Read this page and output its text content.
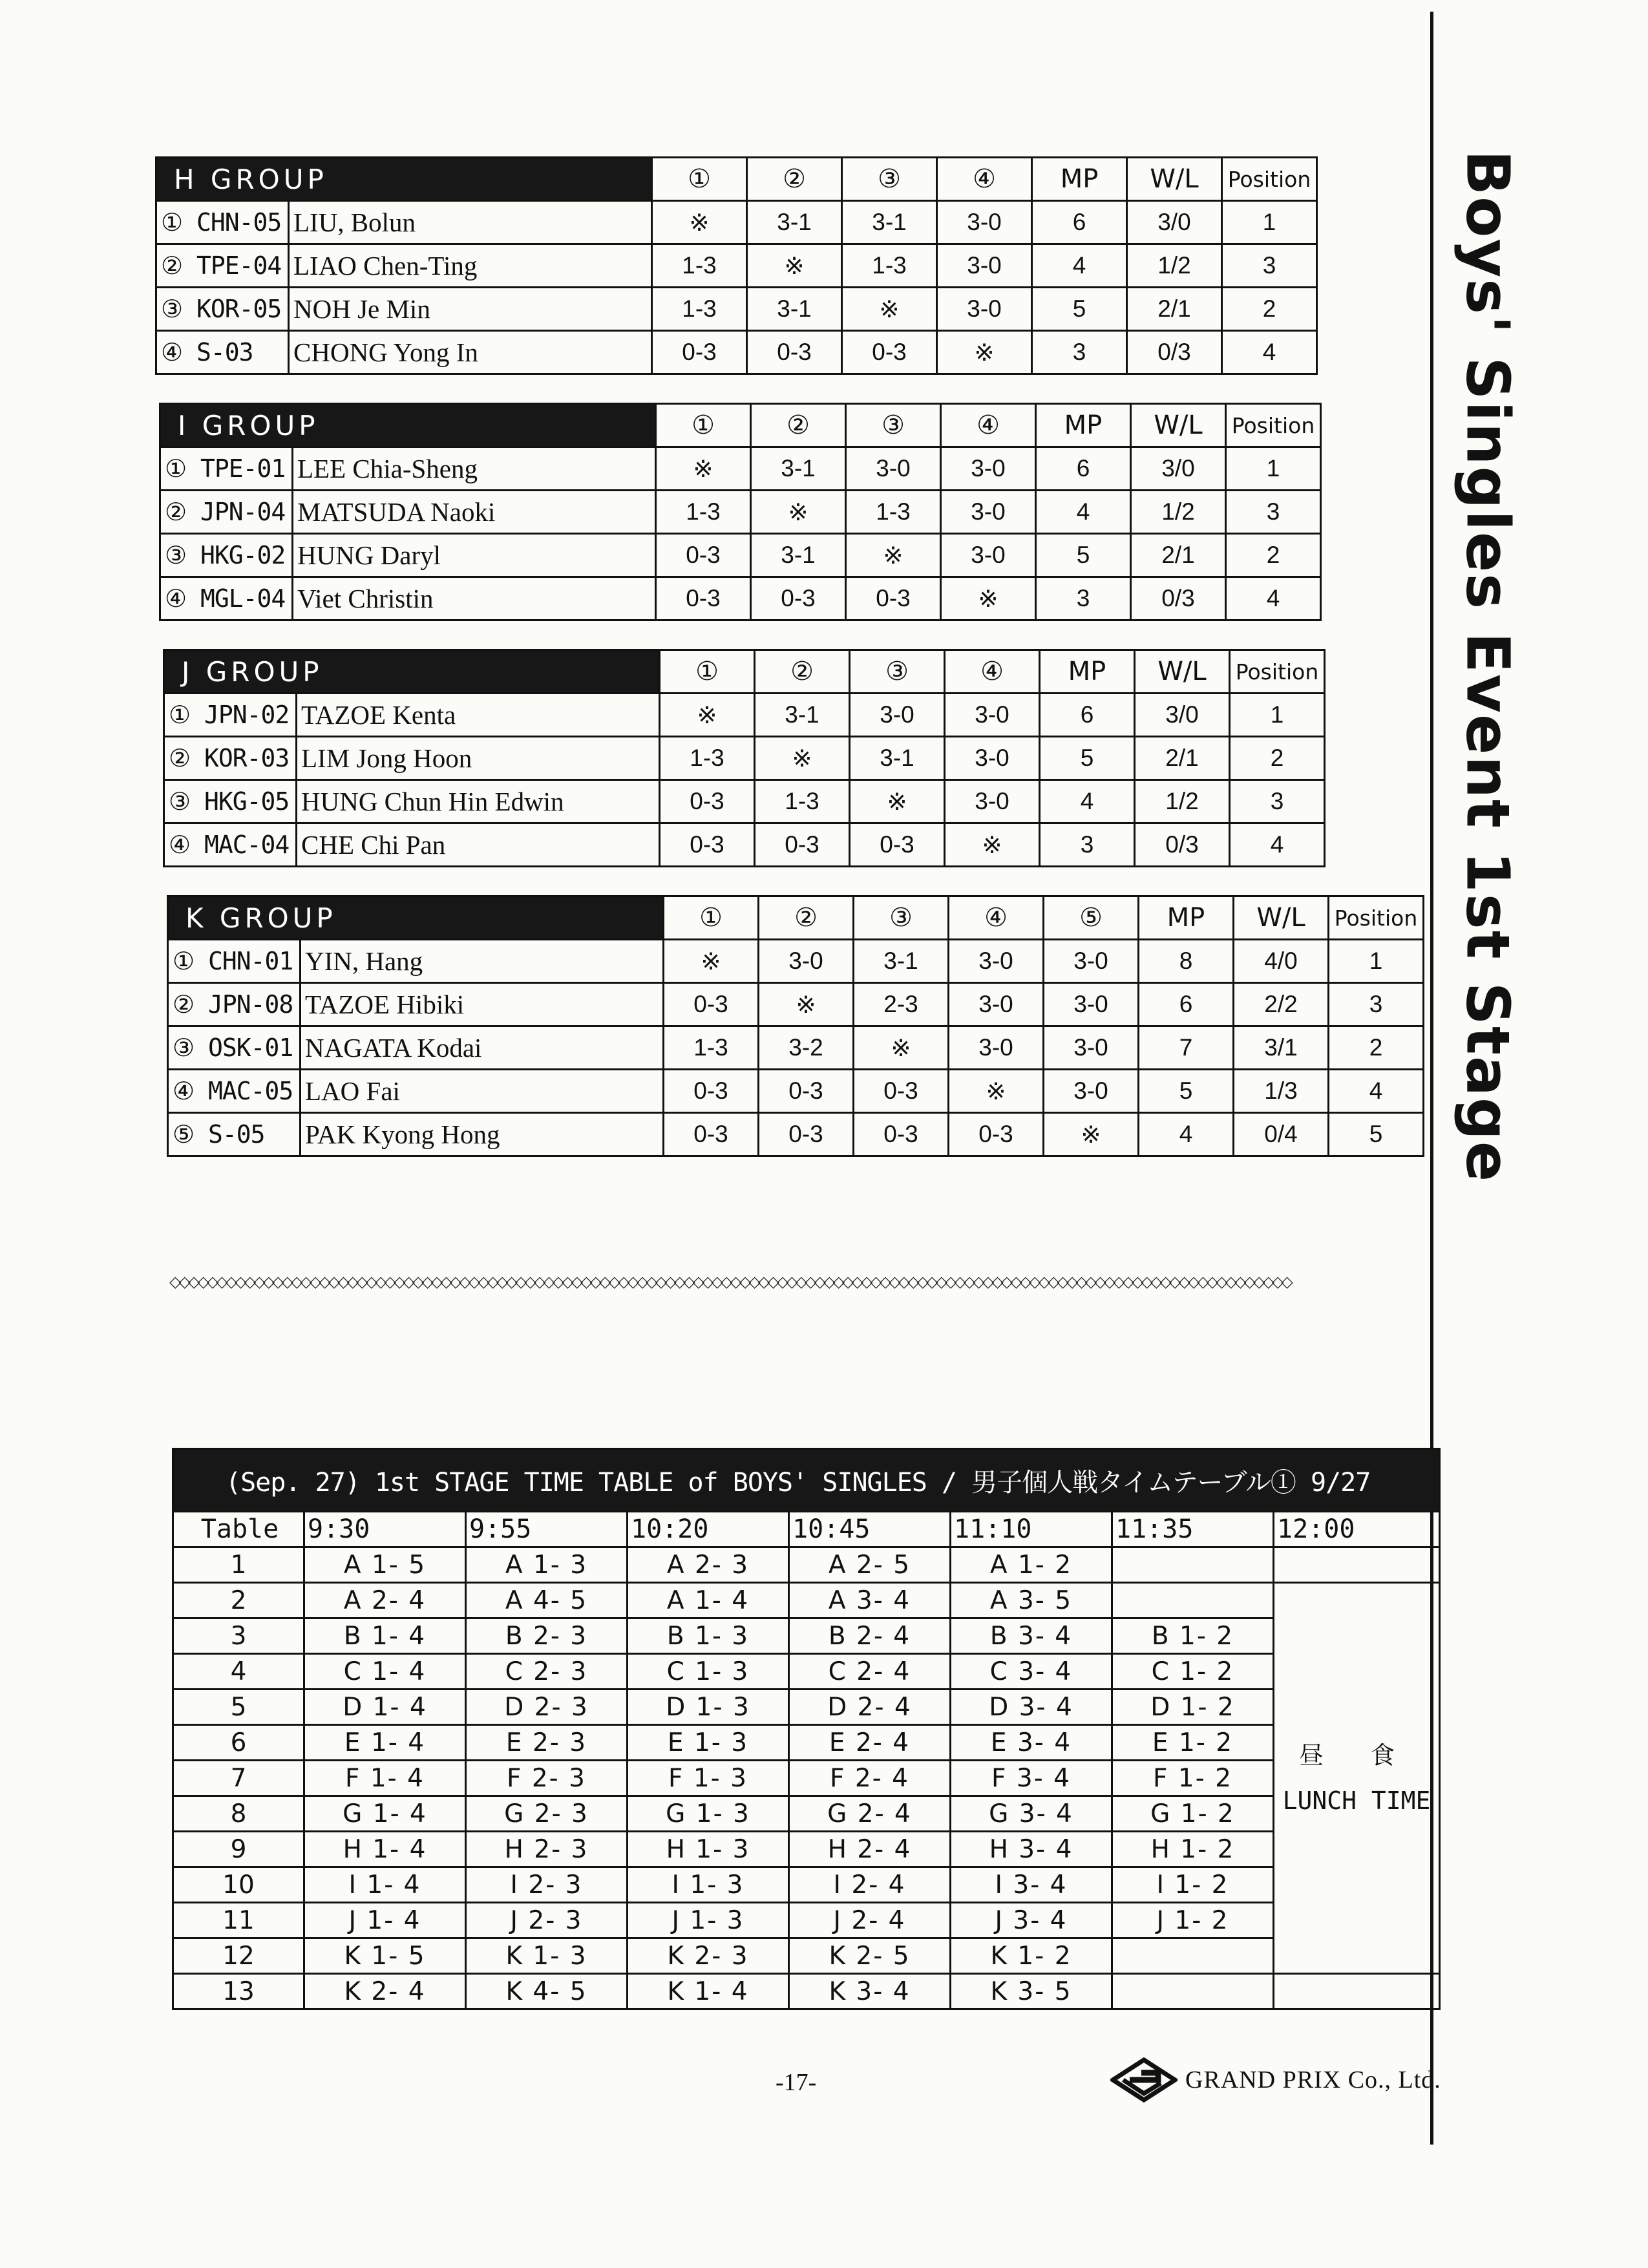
Boys' Singles Event 1st Stage
H GROUP		①	②	③	④	MP	W/L	Position
① CHN-05	LIU, Bolun	※	3-1	3-1	3-0	6	3/0	1
② TPE-04	LIAO Chen-Ting	1-3	※	1-3	3-0	4	1/2	3
③ KOR-05	NOH Je Min	1-3	3-1	※	3-0	5	2/1	2
④ S-03	CHONG Yong In	0-3	0-3	0-3	※	3	0/3	4
I GROUP		①	②	③	④	MP	W/L	Position
① TPE-01	LEE Chia-Sheng	※	3-1	3-0	3-0	6	3/0	1
② JPN-04	MATSUDA Naoki	1-3	※	1-3	3-0	4	1/2	3
③ HKG-02	HUNG Daryl	0-3	3-1	※	3-0	5	2/1	2
④ MGL-04	Viet Christin	0-3	0-3	0-3	※	3	0/3	4
J GROUP		①	②	③	④	MP	W/L	Position
① JPN-02	TAZOE Kenta	※	3-1	3-0	3-0	6	3/0	1
② KOR-03	LIM Jong Hoon	1-3	※	3-1	3-0	5	2/1	2
③ HKG-05	HUNG Chun Hin Edwin	0-3	1-3	※	3-0	4	1/2	3
④ MAC-04	CHE Chi Pan	0-3	0-3	0-3	※	3	0/3	4
K GROUP		①	②	③	④	⑤	MP	W/L	Position
① CHN-01	YIN, Hang	※	3-0	3-1	3-0	3-0	8	4/0	1
② JPN-08	TAZOE Hibiki	0-3	※	2-3	3-0	3-0	6	2/2	3
③ OSK-01	NAGATA Kodai	1-3	3-2	※	3-0	3-0	7	3/1	2
④ MAC-05	LAO Fai	0-3	0-3	0-3	※	3-0	5	1/3	4
⑤ S-05	PAK Kyong Hong	0-3	0-3	0-3	0-3	※	4	0/4	5
◇◇◇◇◇◇◇◇◇◇◇◇◇◇◇◇◇◇◇◇◇◇◇◇◇◇◇◇◇◇◇◇◇◇◇◇◇◇◇◇◇◇◇◇◇◇◇◇◇◇◇◇◇◇◇◇◇◇◇◇◇◇◇◇◇◇◇◇◇◇◇◇◇◇◇◇◇◇◇◇◇◇◇◇◇◇◇◇◇◇◇◇◇◇◇◇◇◇◇◇◇◇◇◇◇◇◇◇◇◇◇◇◇◇◇◇◇◇◇◇
(Sep. 27) 1st STAGE TIME TABLE of BOYS' SINGLES / 男子個人戦タイムテーブル① 9/27							
Table	9:30	9:55	10:20	10:45	11:10	11:35	12:00
1	A 1- 5	A 1- 3	A 2- 3	A 2- 5	A 1- 2		
2	A 2- 4	A 4- 5	A 1- 4	A 3- 4	A 3- 5		昼 食
LUNCH TIME

3	B 1- 4	B 2- 3	B 1- 3	B 2- 4	B 3- 4	B 1- 2	
4	C 1- 4	C 2- 3	C 1- 3	C 2- 4	C 3- 4	C 1- 2	
5	D 1- 4	D 2- 3	D 1- 3	D 2- 4	D 3- 4	D 1- 2	
6	E 1- 4	E 2- 3	E 1- 3	E 2- 4	E 3- 4	E 1- 2	
7	F 1- 4	F 2- 3	F 1- 3	F 2- 4	F 3- 4	F 1- 2	
8	G 1- 4	G 2- 3	G 1- 3	G 2- 4	G 3- 4	G 1- 2	
9	H 1- 4	H 2- 3	H 1- 3	H 2- 4	H 3- 4	H 1- 2	
10	I 1- 4	I 2- 3	I 1- 3	I 2- 4	I 3- 4	I 1- 2	
11	J 1- 4	J 2- 3	J 1- 3	J 2- 4	J 3- 4	J 1- 2	
12	K 1- 5	K 1- 3	K 2- 3	K 2- 5	K 1- 2		
13	K 2- 4	K 4- 5	K 1- 4	K 3- 4	K 3- 5		
-17-	GRAND PRIX Co., Ltd.
